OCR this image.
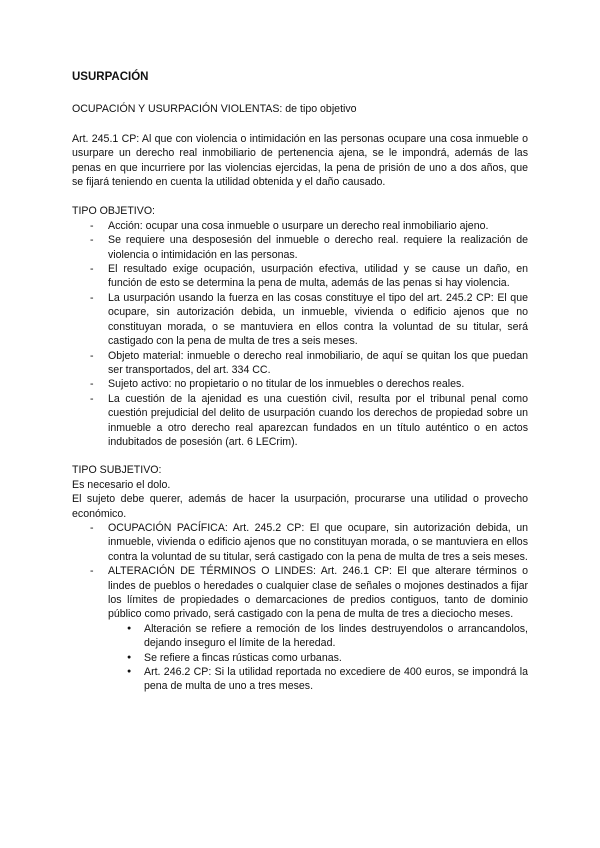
USURPACIÓN

OCUPACIÓN Y USURPACIÓN VIOLENTAS: de tipo objetivo

Art. 245.1 CP: Al que con violencia o intimidación en las personas ocupare una cosa inmueble o usurpare un derecho real inmobiliario de pertenencia ajena, se le impondrá, además de las penas en que incurriere por las violencias ejercidas, la pena de prisión de uno a dos años, que se fijará teniendo en cuenta la utilidad obtenida y el daño causado.

TIPO OBJETIVO:

- Acción: ocupar una cosa inmueble o usurpare un derecho real inmobiliario ajeno.
- Se requiere una desposesión del inmueble o derecho real. requiere la realización de violencia o intimidación en las personas.
- El resultado exige ocupación, usurpación efectiva, utilidad y se cause un daño, en función de esto se determina la pena de multa, además de las penas si hay violencia.
- La usurpación usando la fuerza en las cosas constituye el tipo del art. 245.2 CP: El que ocupare, sin autorización debida, un inmueble, vivienda o edificio ajenos que no constituyan morada, o se mantuviera en ellos contra la voluntad de su titular, será castigado con la pena de multa de tres a seis meses.
- Objeto material: inmueble o derecho real inmobiliario, de aquí se quitan los que puedan ser transportados, del art. 334 CC.
- Sujeto activo: no propietario o no titular de los inmuebles o derechos reales.
- La cuestión de la ajenidad es una cuestión civil, resulta por el tribunal penal como cuestión prejudicial del delito de usurpación cuando los derechos de propiedad sobre un inmueble a otro derecho real aparezcan fundados en un título auténtico o en actos indubitados de posesión (art. 6 LECrim).

TIPO SUBJETIVO:

Es necesario el dolo.

El sujeto debe querer, además de hacer la usurpación, procurarse una utilidad o provecho económico.

- OCUPACIÓN PACÍFICA: Art. 245.2 CP: El que ocupare, sin autorización debida, un inmueble, vivienda o edificio ajenos que no constituyan morada, o se mantuviera en ellos contra la voluntad de su titular, será castigado con la pena de multa de tres a seis meses.
- ALTERACIÓN DE TÉRMINOS O LINDES: Art. 246.1 CP: El que alterare términos o lindes de pueblos o heredades o cualquier clase de señales o mojones destinados a fijar los límites de propiedades o demarcaciones de predios contiguos, tanto de dominio público como privado, será castigado con la pena de multa de tres a dieciocho meses.
● Alteración se refiere a remoción de los lindes destruyendolos o arrancandolos, dejando inseguro el límite de la heredad.
● Se refiere a fincas rústicas como urbanas.
● Art. 246.2 CP: Si la utilidad reportada no excediere de 400 euros, se impondrá la pena de multa de uno a tres meses.
